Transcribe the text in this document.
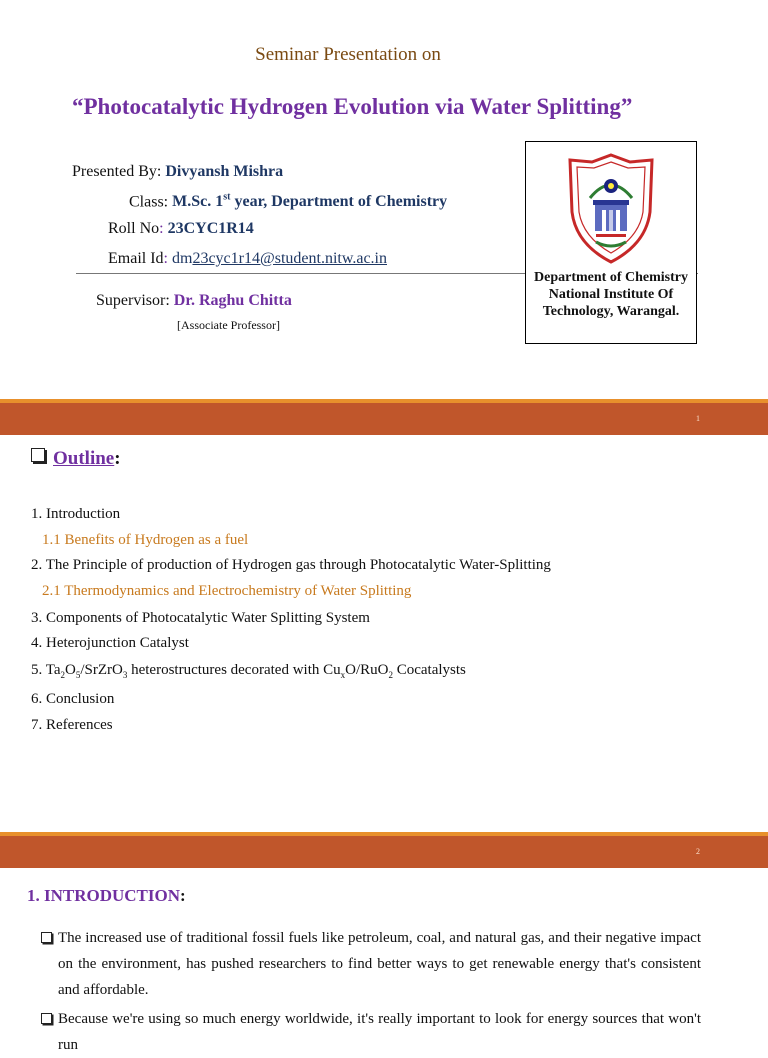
Seminar Presentation on
“Photocatalytic Hydrogen Evolution via Water Splitting”
Presented By: Divyansh Mishra
Class: M.Sc. 1st year, Department of Chemistry
Roll No: 23CYC1R14
Email Id: dm23cyc1r14@student.nitw.ac.in
Supervisor: Dr. Raghu Chitta
[Associate Professor]
Department of Chemistry
National Institute Of
Technology, Warangal.
1
Outline:
1. Introduction
1.1 Benefits of Hydrogen as a fuel
2. The Principle of production of Hydrogen gas through Photocatalytic Water-Splitting
2.1 Thermodynamics and Electrochemistry of Water Splitting
3. Components of Photocatalytic Water Splitting System
4. Heterojunction Catalyst
5. $Ta_2O_5/SrZrO_3$ heterostructures decorated with $Cu_xO/RuO_2$ Cocatalysts
6. Conclusion
7. References
2
1. INTRODUCTION:
The increased use of traditional fossil fuels like petroleum, coal, and natural gas, and their negative impact on the environment, has pushed researchers to find better ways to get renewable energy that's consistent and affordable.
Because we're using so much energy worldwide, it's really important to look for energy sources that won't run
